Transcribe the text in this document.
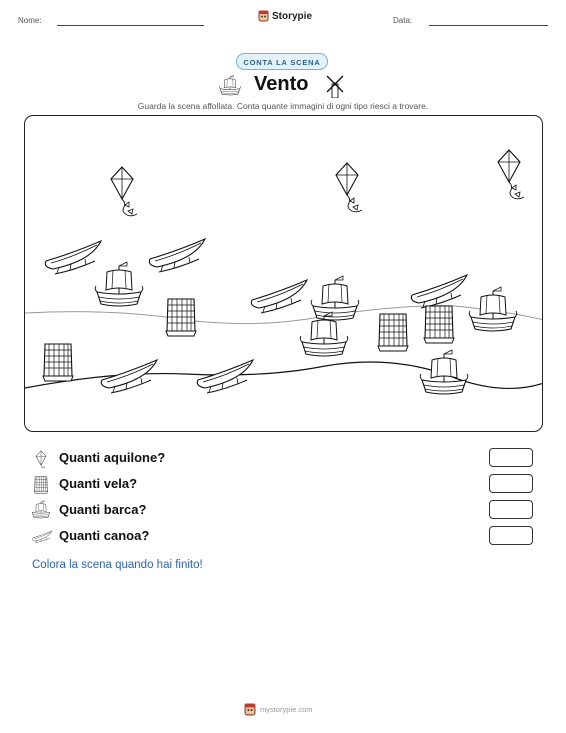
Nome:	Storypie	Data:
CONTA LA SCENA
Vento
Guarda la scena affollata. Conta quante immagini di ogni tipo riesci a trovare.
Quanti aquilone?
Quanti vela?
Quanti barca?
Quanti canoa?
Colora la scena quando hai finito!
mystorypie.com
